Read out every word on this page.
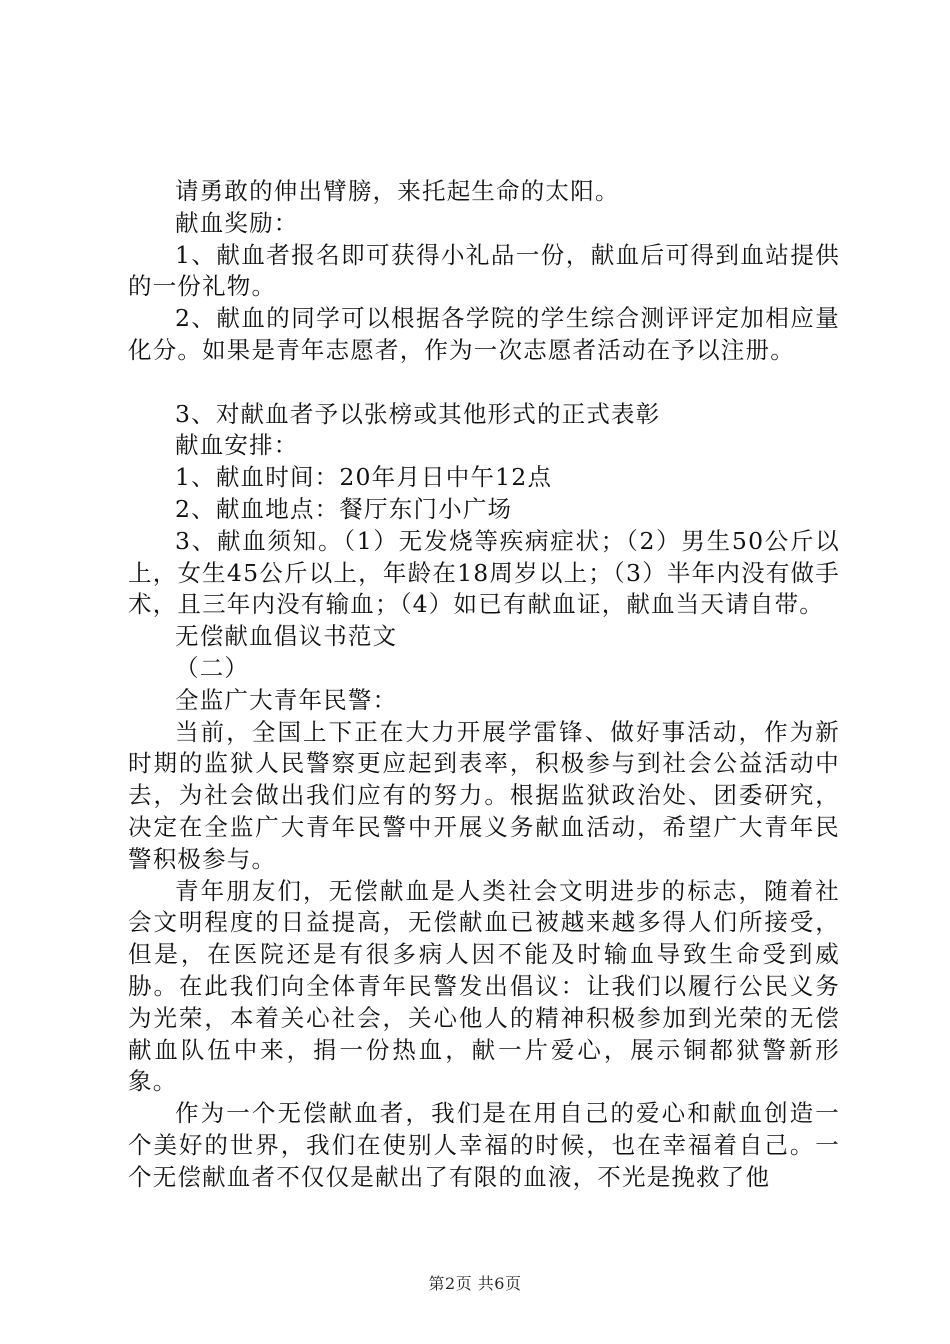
请勇敢的伸出臂膀，来托起生命的太阳。

献血奖励：

1、献血者报名即可获得小礼品一份，献血后可得到血站提供的一份礼物。

2、献血的同学可以根据各学院的学生综合测评评定加相应量化分。如果是青年志愿者，作为一次志愿者活动在予以注册。

3、对献血者予以张榜或其他形式的正式表彰

献血安排：

1、献血时间：20年月日中午12点

2、献血地点：餐厅东门小广场

3、献血须知。（1）无发烧等疾病症状；（2）男生50公斤以上，女生45公斤以上，年龄在18周岁以上；（3）半年内没有做手术，且三年内没有输血；（4）如已有献血证，献血当天请自带。

无偿献血倡议书范文

（二）

全监广大青年民警：

当前，全国上下正在大力开展学雷锋、做好事活动，作为新时期的监狱人民警察更应起到表率，积极参与到社会公益活动中去，为社会做出我们应有的努力。根据监狱政治处、团委研究，决定在全监广大青年民警中开展义务献血活动，希望广大青年民警积极参与。

青年朋友们，无偿献血是人类社会文明进步的标志，随着社会文明程度的日益提高，无偿献血已被越来越多得人们所接受，但是，在医院还是有很多病人因不能及时输血导致生命受到威胁。在此我们向全体青年民警发出倡议：让我们以履行公民义务为光荣，本着关心社会，关心他人的精神积极参加到光荣的无偿献血队伍中来，捐一份热血，献一片爱心，展示铜都狱警新形象。

作为一个无偿献血者，我们是在用自己的爱心和献血创造一个美好的世界，我们在使别人幸福的时候，也在幸福着自己。一个无偿献血者不仅仅是献出了有限的血液，不光是挽救了他

第2页 共6页
